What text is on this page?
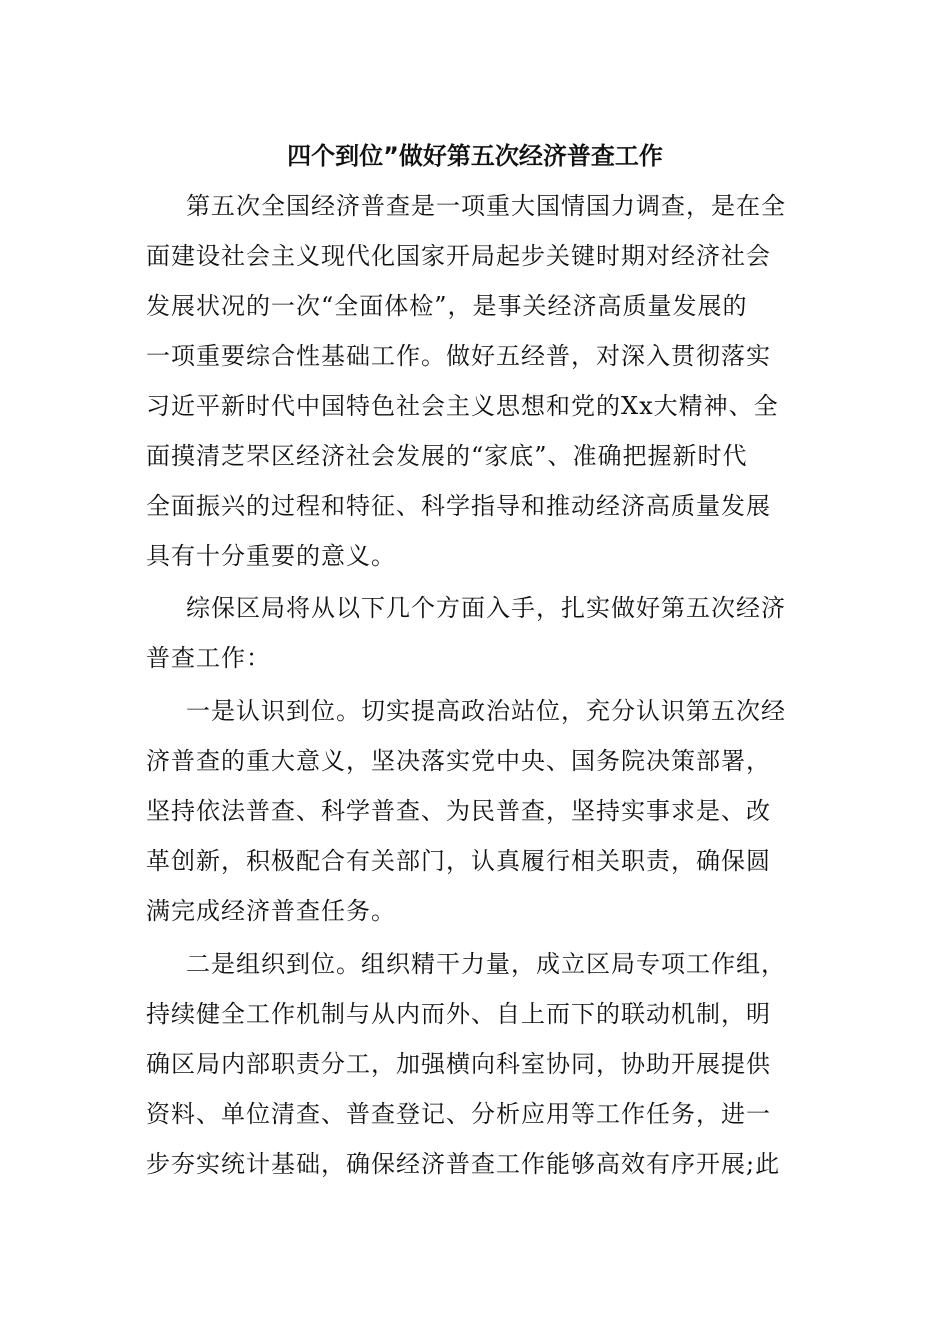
四个到位”做好第五次经济普查工作
第五次全国经济普查是一项重大国情国力调查，是在全
面建设社会主义现代化国家开局起步关键时期对经济社会
发展状况的一次“全面体检”，是事关经济高质量发展的
一项重要综合性基础工作。做好五经普，对深入贯彻落实
习近平新时代中国特色社会主义思想和党的Xx大精神、全
面摸清芝罘区经济社会发展的“家底”、准确把握新时代
全面振兴的过程和特征、科学指导和推动经济高质量发展
具有十分重要的意义。
综保区局将从以下几个方面入手，扎实做好第五次经济
普查工作：
一是认识到位。切实提高政治站位，充分认识第五次经
济普查的重大意义，坚决落实党中央、国务院决策部署，
坚持依法普查、科学普查、为民普查，坚持实事求是、改
革创新，积极配合有关部门，认真履行相关职责，确保圆
满完成经济普查任务。
二是组织到位。组织精干力量，成立区局专项工作组，
持续健全工作机制与从内而外、自上而下的联动机制，明
确区局内部职责分工，加强横向科室协同，协助开展提供
资料、单位清查、普查登记、分析应用等工作任务，进一
步夯实统计基础，确保经济普查工作能够高效有序开展;此
